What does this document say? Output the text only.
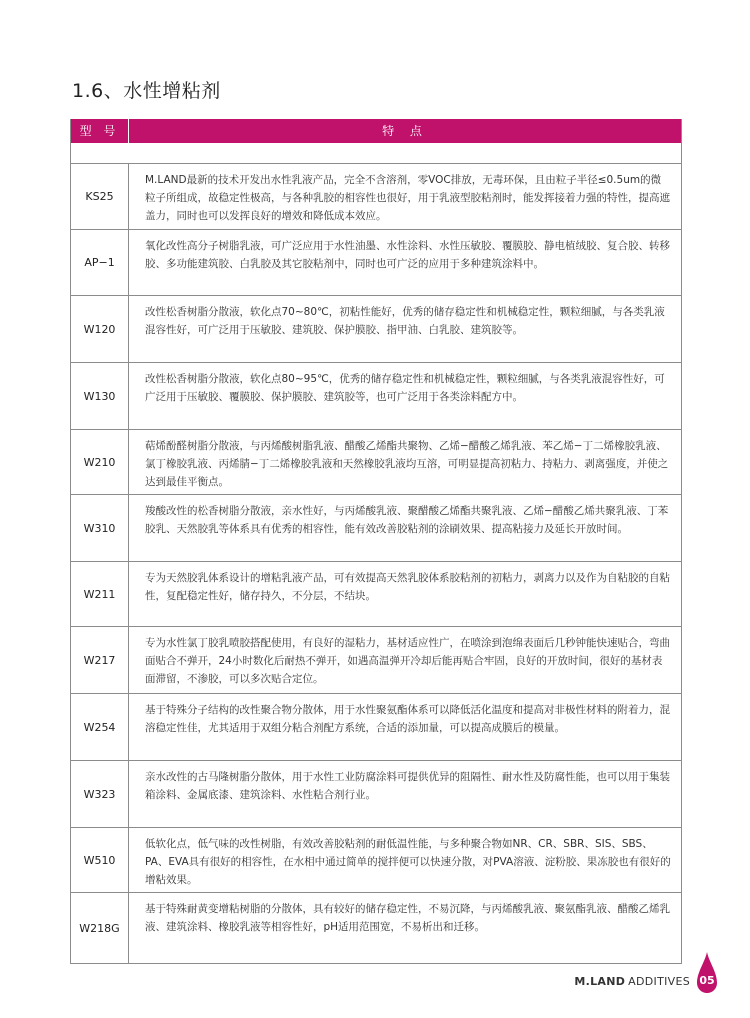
1.6、水性增粘剂
型 号	特 点
KS25
M.LAND最新的技术开发出水性乳液产品，完全不含溶剂，零VOC排放，无毒环保，且由粒子半径≤0.5um的微粒子所组成，故稳定性极高，与各种乳胶的相容性也很好，用于乳液型胶粘剂时，能发挥接着力强的特性，提高遮盖力，同时也可以发挥良好的增效和降低成本效应。
AP−1
氧化改性高分子树脂乳液，可广泛应用于水性油墨、水性涂料、水性压敏胶、覆膜胶、静电植绒胶、复合胶、转移胶、多功能建筑胶、白乳胶及其它胶粘剂中，同时也可广泛的应用于多种建筑涂料中。
W120
改性松香树脂分散液，软化点70~80℃，初粘性能好，优秀的储存稳定性和机械稳定性，颗粒细腻，与各类乳液混容性好，可广泛用于压敏胶、建筑胶、保护膜胶、指甲油、白乳胶、建筑胶等。
W130
改性松香树脂分散液，软化点80~95℃，优秀的储存稳定性和机械稳定性，颗粒细腻，与各类乳液混容性好，可广泛用于压敏胶、覆膜胶、保护膜胶、建筑胶等，也可广泛用于各类涂料配方中。
W210
萜烯酚醛树脂分散液，与丙烯酸树脂乳液、醋酸乙烯酯共聚物、乙烯−醋酸乙烯乳液、苯乙烯−丁二烯橡胶乳液、氯丁橡胶乳液、丙烯腈−丁二烯橡胶乳液和天然橡胶乳液均互溶，可明显提高初粘力、持粘力、剥离强度，并使之达到最佳平衡点。
W310
羧酸改性的松香树脂分散液，亲水性好，与丙烯酸乳液、聚醋酸乙烯酯共聚乳液、乙烯−醋酸乙烯共聚乳液、丁苯胶乳、天然胶乳等体系具有优秀的相容性，能有效改善胶粘剂的涂刷效果、提高粘接力及延长开放时间。
W211
专为天然胶乳体系设计的增粘乳液产品，可有效提高天然乳胶体系胶粘剂的初粘力，剥离力以及作为自粘胶的自粘性，复配稳定性好，储存持久，不分层，不结块。
W217
专为水性氯丁胶乳喷胶搭配使用，有良好的湿粘力，基材适应性广，在喷涂到泡绵表面后几秒钟能快速贴合，弯曲面贴合不弹开，24小时数化后耐热不弹开，如遇高温弹开冷却后能再贴合牢固，良好的开放时间，很好的基材表面滞留，不渗胶，可以多次贴合定位。
W254
基于特殊分子结构的改性聚合物分散体，用于水性聚氨酯体系可以降低活化温度和提高对非极性材料的附着力，混溶稳定性佳，尤其适用于双组分粘合剂配方系统，合适的添加量，可以提高成膜后的模量。
W323
亲水改性的古马隆树脂分散体，用于水性工业防腐涂料可提供优异的阻隔性、耐水性及防腐性能，也可以用于集装箱涂料、金属底漆、建筑涂料、水性粘合剂行业。
W510
低软化点，低气味的改性树脂，有效改善胶粘剂的耐低温性能，与多种聚合物如NR、CR、SBR、SIS、SBS、PA、EVA具有很好的相容性，在水相中通过简单的搅拌便可以快速分散，对PVA溶液、淀粉胶、果冻胶也有很好的增粘效果。
W218G
基于特殊耐黄变增粘树脂的分散体，具有较好的储存稳定性，不易沉降，与丙烯酸乳液、聚氨酯乳液、醋酸乙烯乳液、建筑涂料、橡胶乳液等相容性好，pH适用范围宽，不易析出和迁移。
M.LAND ADDITIVES 05
